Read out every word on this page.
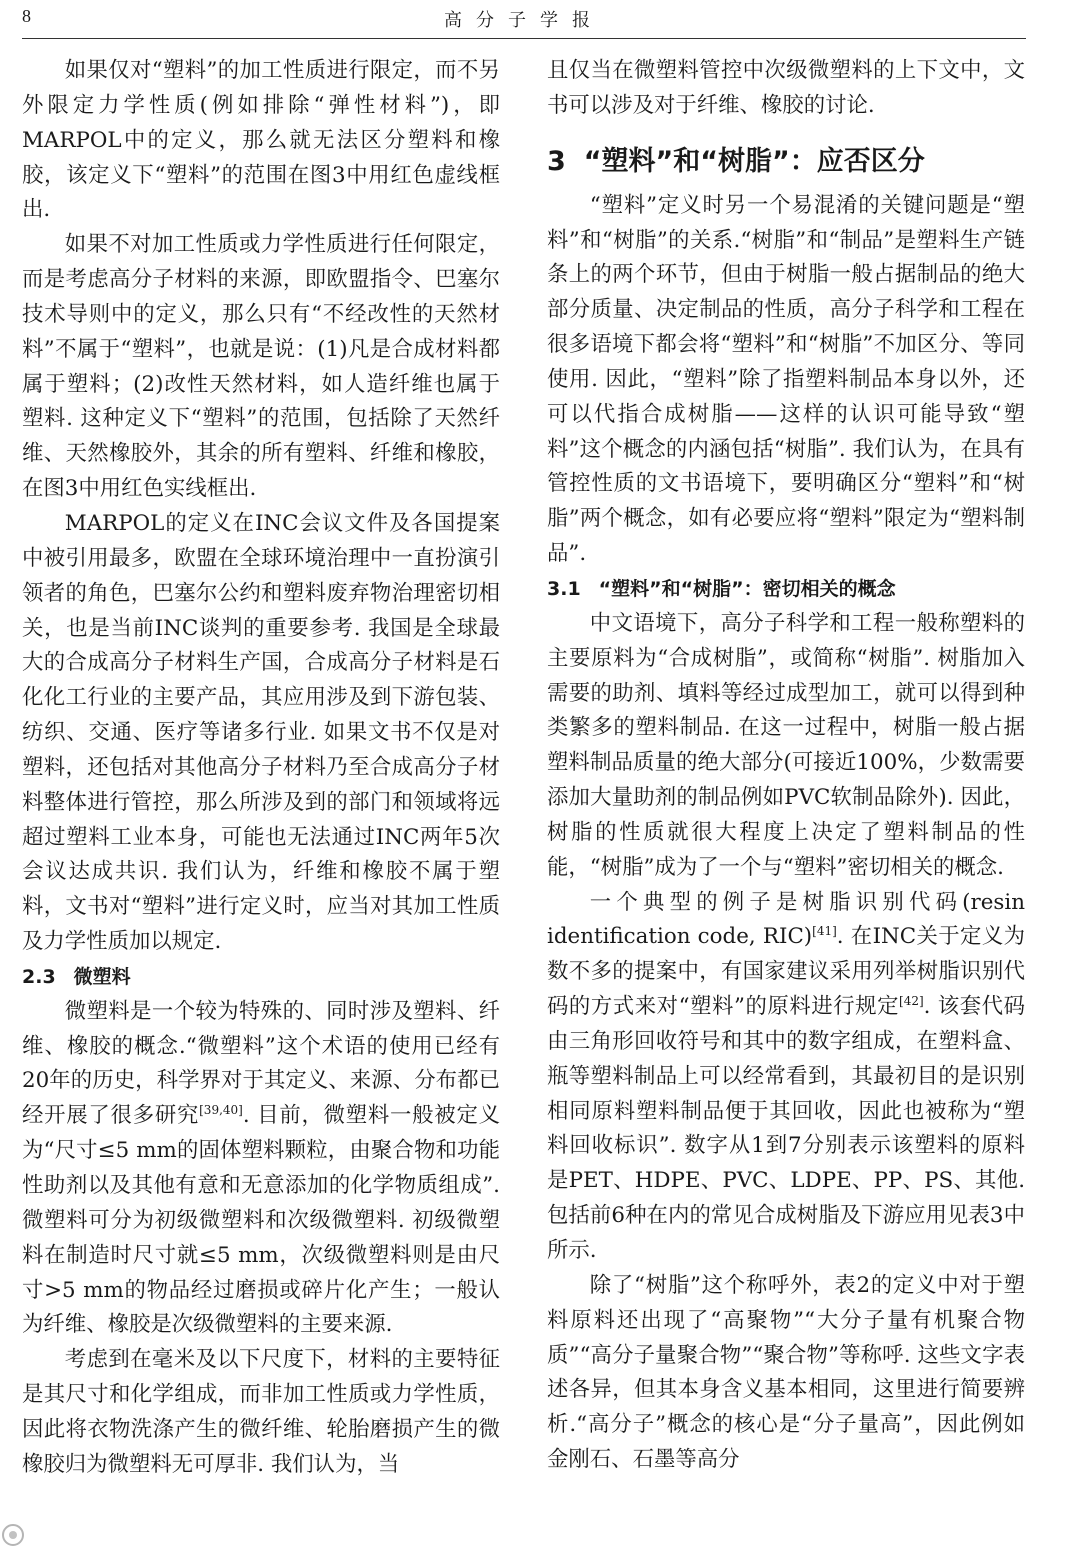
8	高分子学报

如果仅对“塑料”的加工性质进行限定，而不另外限定力学性质(例如排除“弹性材料”)，即MARPOL中的定义，那么就无法区分塑料和橡胶，该定义下“塑料”的范围在图3中用红色虚线框出.

如果不对加工性质或力学性质进行任何限定，而是考虑高分子材料的来源，即欧盟指令、巴塞尔技术导则中的定义，那么只有“不经改性的天然材料”不属于“塑料”，也就是说：(1)凡是合成材料都属于塑料；(2)改性天然材料，如人造纤维也属于塑料. 这种定义下“塑料”的范围，包括除了天然纤维、天然橡胶外，其余的所有塑料、纤维和橡胶，在图3中用红色实线框出.

MARPOL的定义在INC会议文件及各国提案中被引用最多，欧盟在全球环境治理中一直扮演引领者的角色，巴塞尔公约和塑料废弃物治理密切相关，也是当前INC谈判的重要参考. 我国是全球最大的合成高分子材料生产国，合成高分子材料是石化化工行业的主要产品，其应用涉及到下游包装、纺织、交通、医疗等诸多行业. 如果文书不仅是对塑料，还包括对其他高分子材料乃至合成高分子材料整体进行管控，那么所涉及到的部门和领域将远超过塑料工业本身，可能也无法通过INC两年5次会议达成共识. 我们认为，纤维和橡胶不属于塑料，文书对“塑料”进行定义时，应当对其加工性质及力学性质加以规定.

2.3 微塑料

微塑料是一个较为特殊的、同时涉及塑料、纤维、橡胶的概念.“微塑料”这个术语的使用已经有20年的历史，科学界对于其定义、来源、分布都已经开展了很多研究[39,40]. 目前，微塑料一般被定义为“尺寸≤5 mm的固体塑料颗粒，由聚合物和功能性助剂以及其他有意和无意添加的化学物质组成”. 微塑料可分为初级微塑料和次级微塑料. 初级微塑料在制造时尺寸就≤5 mm，次级微塑料则是由尺寸>5 mm的物品经过磨损或碎片化产生；一般认为纤维、橡胶是次级微塑料的主要来源.

考虑到在毫米及以下尺度下，材料的主要特征是其尺寸和化学组成，而非加工性质或力学性质，因此将衣物洗涤产生的微纤维、轮胎磨损产生的微橡胶归为微塑料无可厚非. 我们认为，当

且仅当在微塑料管控中次级微塑料的上下文中，文书可以涉及对于纤维、橡胶的讨论.

3 “塑料”和“树脂”：应否区分

“塑料”定义时另一个易混淆的关键问题是“塑料”和“树脂”的关系.“树脂”和“制品”是塑料生产链条上的两个环节，但由于树脂一般占据制品的绝大部分质量、决定制品的性质，高分子科学和工程在很多语境下都会将“塑料”和“树脂”不加区分、等同使用. 因此，“塑料”除了指塑料制品本身以外，还可以代指合成树脂——这样的认识可能导致“塑料”这个概念的内涵包括“树脂”. 我们认为，在具有管控性质的文书语境下，要明确区分“塑料”和“树脂”两个概念，如有必要应将“塑料”限定为“塑料制品”.

3.1 “塑料”和“树脂”：密切相关的概念

中文语境下，高分子科学和工程一般称塑料的主要原料为“合成树脂”，或简称“树脂”. 树脂加入需要的助剂、填料等经过成型加工，就可以得到种类繁多的塑料制品. 在这一过程中，树脂一般占据塑料制品质量的绝大部分(可接近100%，少数需要添加大量助剂的制品例如PVC软制品除外). 因此，树脂的性质就很大程度上决定了塑料制品的性能，“树脂”成为了一个与“塑料”密切相关的概念.

一个典型的例子是树脂识别代码(resin identification code, RIC)[41]. 在INC关于定义为数不多的提案中，有国家建议采用列举树脂识别代码的方式来对“塑料”的原料进行规定[42]. 该套代码由三角形回收符号和其中的数字组成，在塑料盒、瓶等塑料制品上可以经常看到，其最初目的是识别相同原料塑料制品便于其回收，因此也被称为“塑料回收标识”. 数字从1到7分别表示该塑料的原料是PET、HDPE、PVC、LDPE、PP、PS、其他. 包括前6种在内的常见合成树脂及下游应用见表3中所示.

除了“树脂”这个称呼外，表2的定义中对于塑料原料还出现了“高聚物”“大分子量有机聚合物质”“高分子量聚合物”“聚合物”等称呼. 这些文字表述各异，但其本身含义基本相同，这里进行简要辨析.“高分子”概念的核心是“分子量高”，因此例如金刚石、石墨等高分
